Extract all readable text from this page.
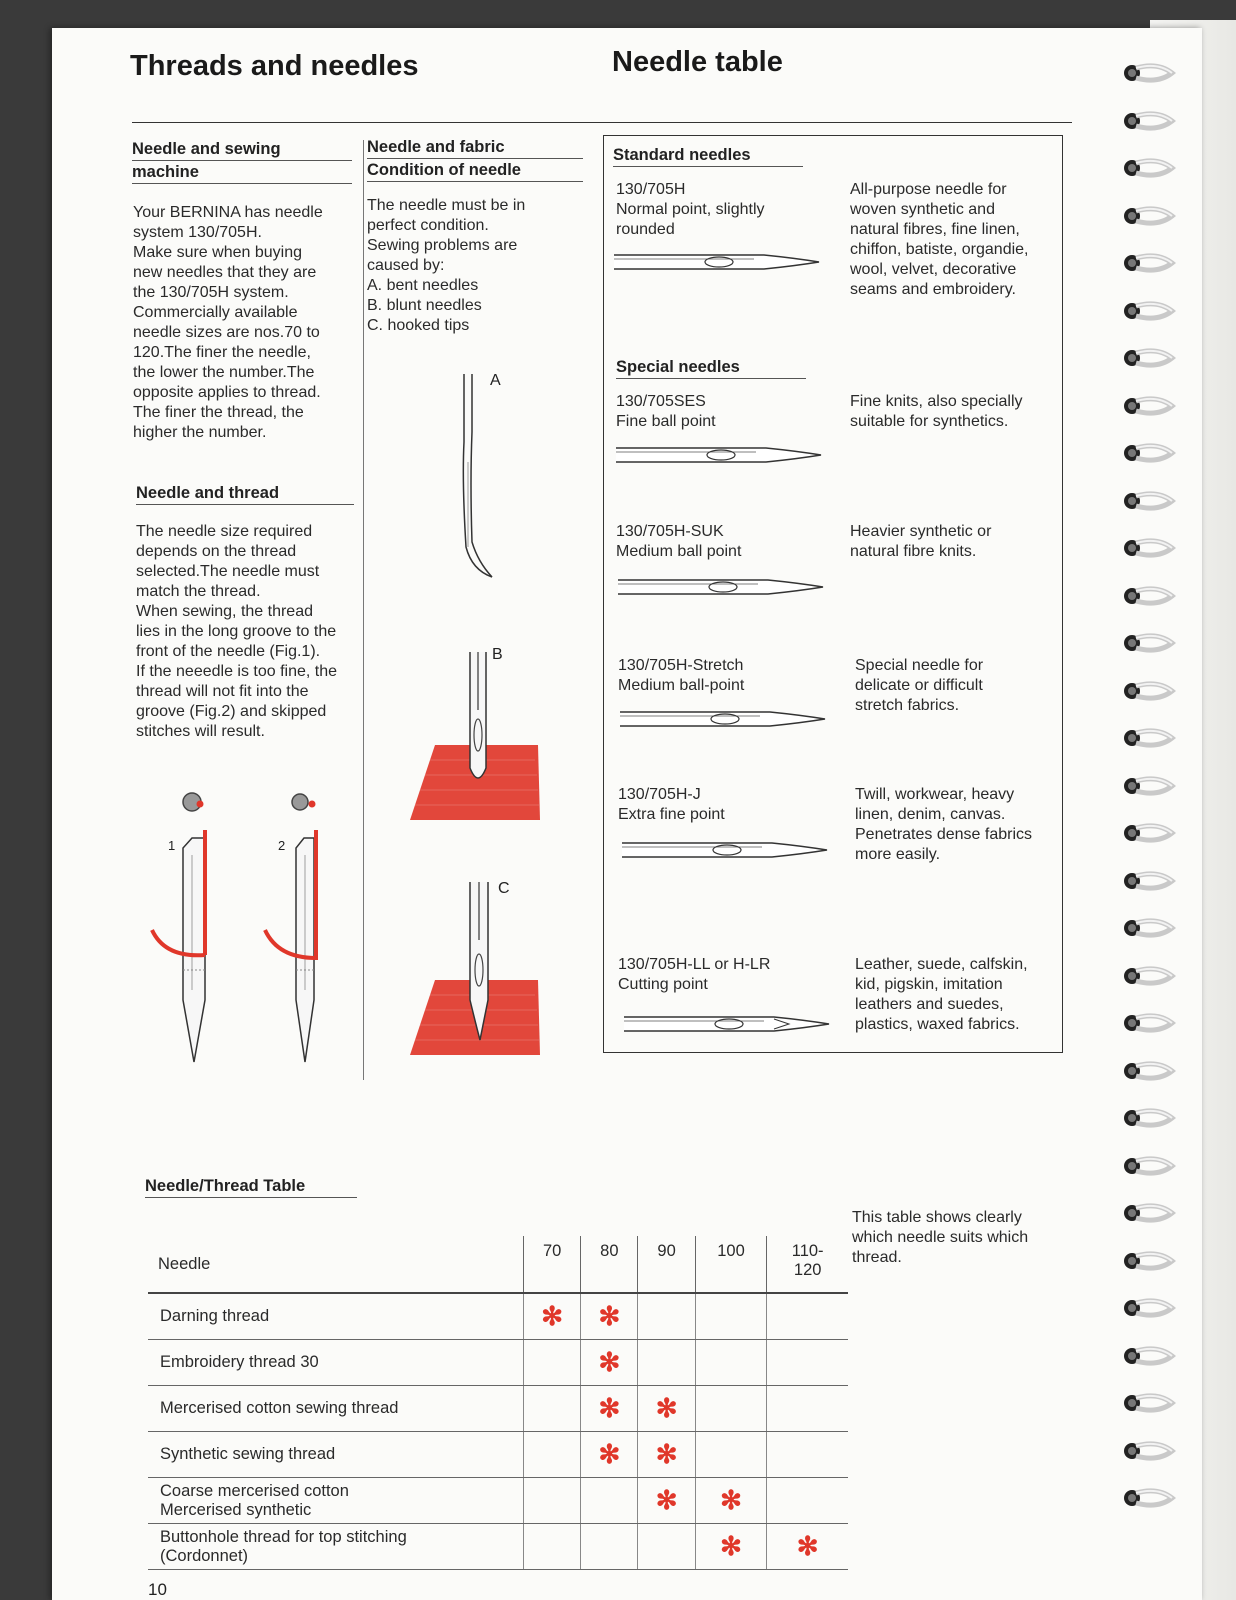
Threads and needles	Needle table
Needle and sewing
machine
Your BERNINA has needle
system 130/705H.
Make sure when buying
new needles that they are
the 130/705H system.
Commercially available
needle sizes are nos.70 to
120.The finer the needle,
the lower the number.The
opposite applies to thread.
The finer the thread, the
higher the number.
Needle and thread
The needle size required
depends on the thread
selected.The needle must
match the thread.
When sewing, the thread
lies in the long groove to the
front of the needle (Fig.1).
If the neeedle is too fine, the
thread will not fit into the
groove (Fig.2) and skipped
stitches will result.
1	2
Needle and fabric
Condition of needle
The needle must be in
perfect condition.
Sewing problems are
caused by:
A. bent needles
B. blunt needles
C. hooked tips
A
B
C
Standard needles
Special needles
130/705H
Normal point, slightly
rounded
All-purpose needle for
woven synthetic and
natural fibres, fine linen,
chiffon, batiste, organdie,
wool, velvet, decorative
seams and embroidery.
130/705SES
Fine ball point
Fine knits, also specially
suitable for synthetics.
130/705H-SUK
Medium ball point
Heavier synthetic or
natural fibre knits.
130/705H-Stretch
Medium ball-point
Special needle for
delicate or difficult
stretch fabrics.
130/705H-J
Extra fine point
Twill, workwear, heavy
linen, denim, canvas.
Penetrates dense fabrics
more easily.
130/705H-LL or H-LR
Cutting point
Leather, suede, calfskin,
kid, pigskin, imitation
leathers and suedes,
plastics, waxed fabrics.
Needle/Thread Table
This table shows clearly
which needle suits which
thread.
Needle	70	80	90	100	110-
120
Darning thread	✻	✻			
Embroidery thread 30		✻			
Mercerised cotton sewing thread		✻	✻		
Synthetic sewing thread		✻	✻		
Coarse mercerised cotton
Mercerised synthetic			✻	✻	
Buttonhole thread for top stitching
(Cordonnet)				✻	✻
10
